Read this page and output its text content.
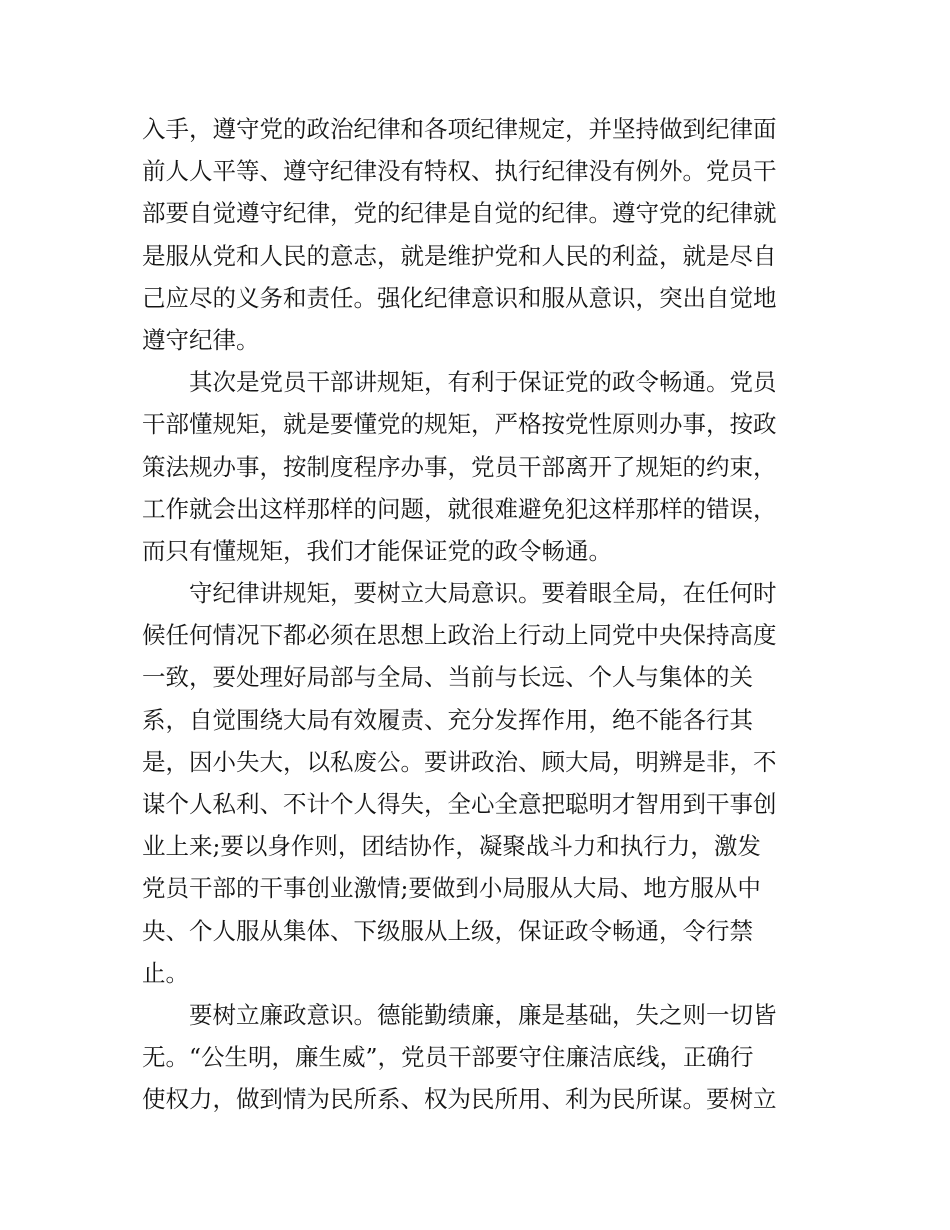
入手，遵守党的政治纪律和各项纪律规定，并坚持做到纪律面
前人人平等、遵守纪律没有特权、执行纪律没有例外。党员干
部要自觉遵守纪律，党的纪律是自觉的纪律。遵守党的纪律就
是服从党和人民的意志，就是维护党和人民的利益，就是尽自
己应尽的义务和责任。强化纪律意识和服从意识，突出自觉地
遵守纪律。
其次是党员干部讲规矩，有利于保证党的政令畅通。党员
干部懂规矩，就是要懂党的规矩，严格按党性原则办事，按政
策法规办事，按制度程序办事，党员干部离开了规矩的约束，
工作就会出这样那样的问题，就很难避免犯这样那样的错误，
而只有懂规矩，我们才能保证党的政令畅通。
守纪律讲规矩，要树立大局意识。要着眼全局，在任何时
候任何情况下都必须在思想上政治上行动上同党中央保持高度
一致，要处理好局部与全局、当前与长远、个人与集体的关
系，自觉围绕大局有效履责、充分发挥作用，绝不能各行其
是，因小失大，以私废公。要讲政治、顾大局，明辨是非，不
谋个人私利、不计个人得失，全心全意把聪明才智用到干事创
业上来;要以身作则，团结协作，凝聚战斗力和执行力，激发
党员干部的干事创业激情;要做到小局服从大局、地方服从中
央、个人服从集体、下级服从上级，保证政令畅通，令行禁
止。
要树立廉政意识。德能勤绩廉，廉是基础，失之则一切皆
无。“公生明，廉生威”，党员干部要守住廉洁底线，正确行
使权力，做到情为民所系、权为民所用、利为民所谋。要树立
